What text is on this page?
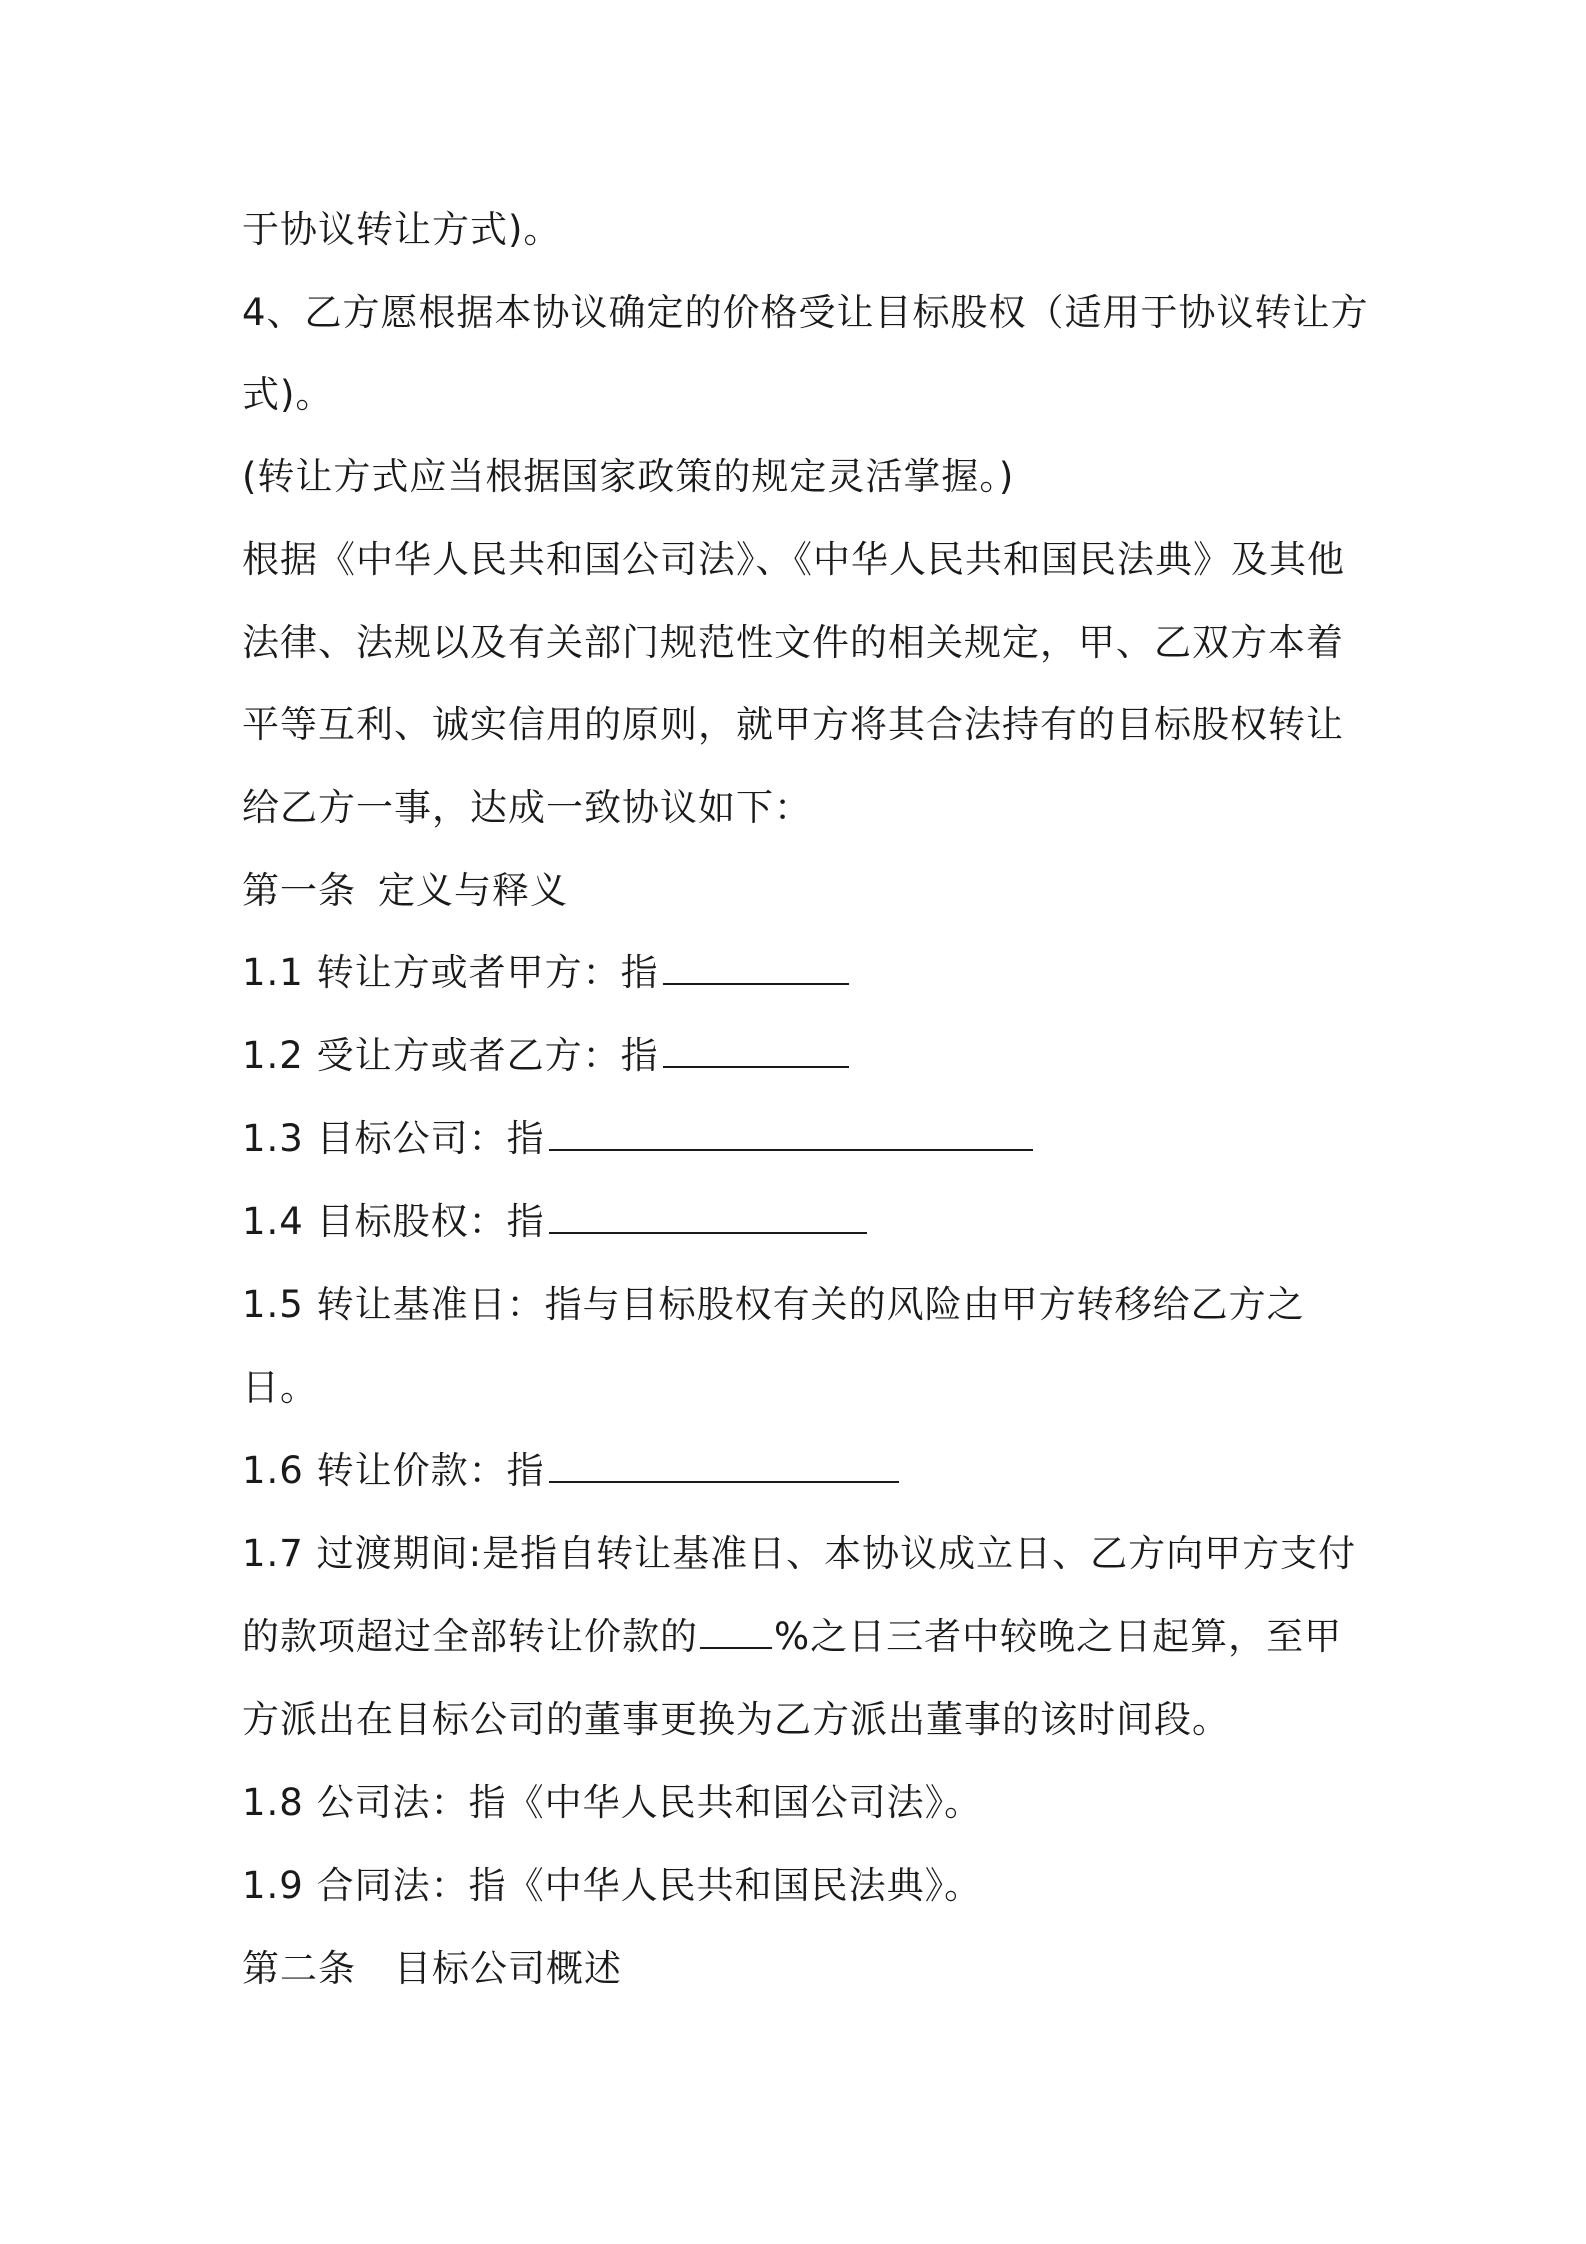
于协议转让方式)。
4、乙方愿根据本协议确定的价格受让目标股权（适用于协议转让方
式)。
(转让方式应当根据国家政策的规定灵活掌握。)
根据《中华人民共和国公司法》、《中华人民共和国民法典》及其他
法律、法规以及有关部门规范性文件的相关规定，甲、乙双方本着
平等互利、诚实信用的原则，就甲方将其合法持有的目标股权转让
给乙方一事，达成一致协议如下：
第一条 定义与释义
1.1 转让方或者甲方：指
1.2 受让方或者乙方：指
1.3 目标公司：指
1.4 目标股权：指
1.5 转让基准日：指与目标股权有关的风险由甲方转移给乙方之
日。
1.6 转让价款：指
1.7 过渡期间:是指自转让基准日、本协议成立日、乙方向甲方支付
的款项超过全部转让价款的 %之日三者中较晚之日起算，至甲
方派出在目标公司的董事更换为乙方派出董事的该时间段。
1.8 公司法：指《中华人民共和国公司法》。
1.9 合同法：指《中华人民共和国民法典》。
第二条 目标公司概述
